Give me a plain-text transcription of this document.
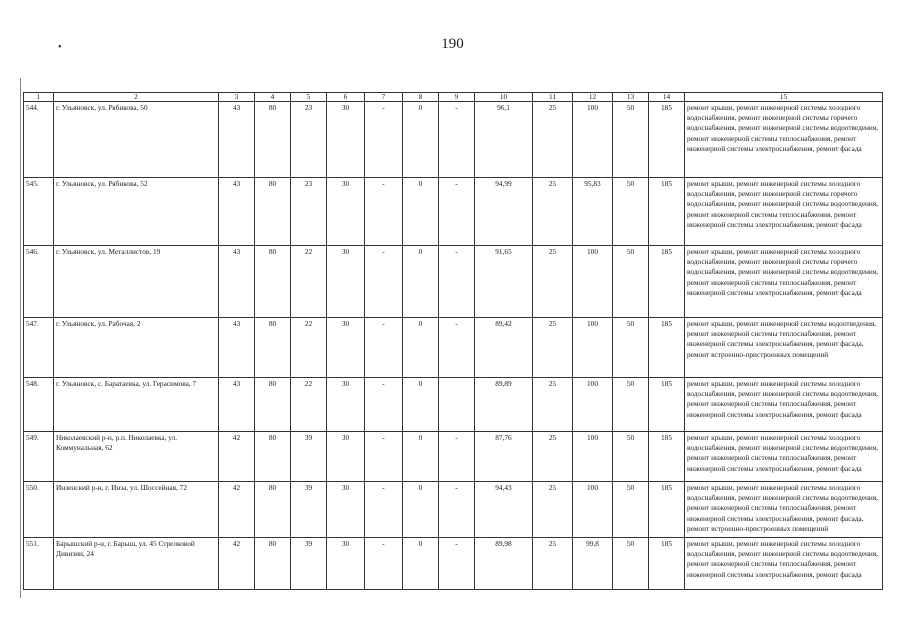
190
•
1	2	3	4	5	6	7	8	9	10	11	12	13	14	15
544.	г. Ульяновск, ул. Рябикова, 50	43	80	23	30	-	0	-	96,1	25	100	50	185	ремонт крыши, ремонт инженерной системы холодного водоснабжения, ремонт инженерной системы горячего водоснабжения, ремонт инженерной системы водоотведения, ремонт инженерной системы теплоснабжения, ремонт инженерной системы электроснабжения, ремонт фасада
545.	г. Ульяновск, ул. Рябикова, 52	43	80	23	30	-	0	-	94,99	25	95,83	50	185	ремонт крыши, ремонт инженерной системы холодного водоснабжения, ремонт инженерной системы горячего водоснабжения, ремонт инженерной системы водоотведения, ремонт инженерной системы теплоснабжения, ремонт инженерной системы электроснабжения, ремонт фасада
546.	г. Ульяновск, ул. Металлистов, 19	43	80	22	30	-	0	-	91,65	25	100	50	185	ремонт крыши, ремонт инженерной системы холодного водоснабжения, ремонт инженерной системы горячего водоснабжения, ремонт инженерной системы водоотведения, ремонт инженерной системы теплоснабжения, ремонт инженерной системы электроснабжения, ремонт фасада
547.	г. Ульяновск, ул. Рабочая, 2	43	80	22	30	-	0	-	89,42	25	100	50	185	ремонт крыши, ремонт инженерной системы водоотведения, ремонт инженерной системы теплоснабжения, ремонт инженерной системы электроснабжения, ремонт фасада, ремонт встроенно-пристроенных помещений
548.	г. Ульяновск, с. Баратаевка, ул. Герасимова, 7	43	80	22	30	-	0		89,89	25	100	50	185	ремонт крыши, ремонт инженерной системы холодного водоснабжения, ремонт инженерной системы водоотведения, ремонт инженерной системы теплоснабжения, ремонт инженерной системы электроснабжения, ремонт фасада
549.	Николаевский р-н, р.п. Николаевка, ул. Коммунальная, 62	42	80	39	30	-	0	-	87,76	25	100	50	185	ремонт крыши, ремонт инженерной системы холодного водоснабжения, ремонт инженерной системы водоотведения, ремонт инженерной системы теплоснабжения, ремонт инженерной системы электроснабжения, ремонт фасада
550.	Инзенский р-н, г. Инза, ул. Шоссейная, 72	42	80	39	30	-	0	-	94,43	25	100	50	185	ремонт крыши, ремонт инженерной системы холодного водоснабжения, ремонт инженерной системы водоотведения, ремонт инженерной системы теплоснабжения, ремонт инженерной системы электроснабжения, ремонт фасада, ремонт встроенно-пристроенных помещений
551.	Барышский р-н, г. Барыш, ул. 45 Стрелковой Дивизии, 24	42	80	39	30	-	0	-	89,98	25	99,8	50	185	ремонт крыши, ремонт инженерной системы холодного водоснабжения, ремонт инженерной системы водоотведения, ремонт инженерной системы теплоснабжения, ремонт инженерной системы электроснабжения, ремонт фасада
